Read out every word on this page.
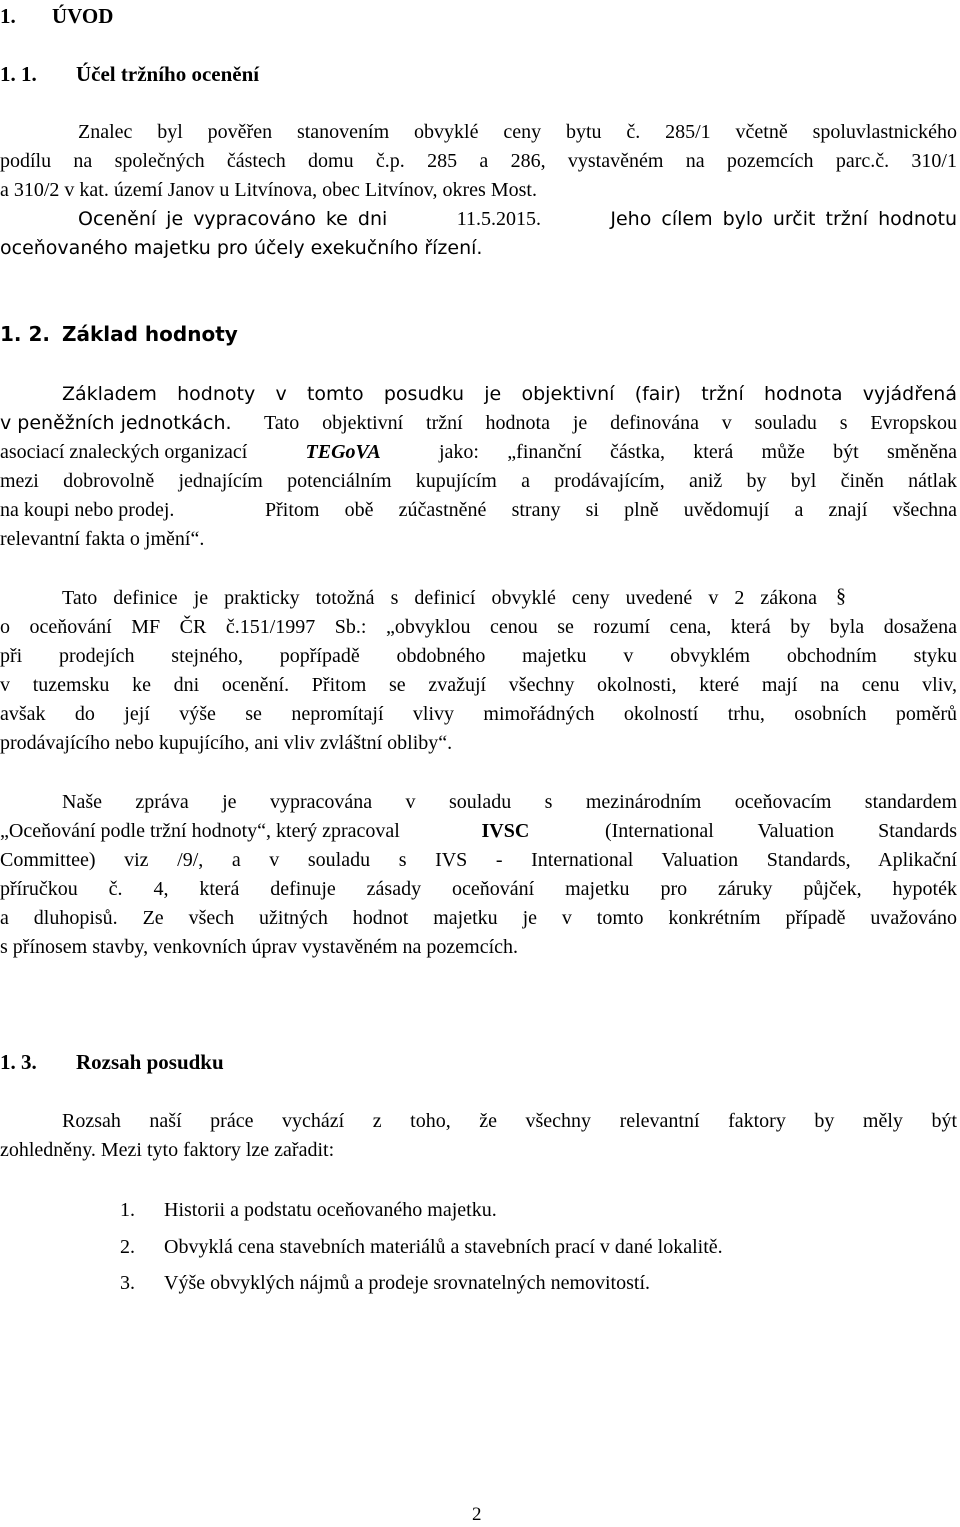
1. ÚVOD
1. 1. Účel tržního ocenění
Znalec byl pověřen stanovením obvyklé ceny bytu č. 285/1 včetně spoluvlastnického
podílu na společných částech domu č.p. 285 a 286, vystavěném na pozemcích parc.č. 310/1
a 310/2 v kat. území Janov u Litvínova, obec Litvínov, okres Most.
Ocenění je vypracováno ke dni	11.5.2015.	Jeho cílem bylo určit tržní hodnotu
oceňovaného majetku pro účely exekučního řízení.
1. 2. Základ hodnoty
Základem hodnoty v tomto posudku je objektivní (fair) tržní hodnota vyjádřená
v peněžních jednotkách. Tato objektivní tržní hodnota je definována v souladu s Evropskou
asociací znaleckých organizací	TEGoVA	jako: „finanční částka, která může být směněna
mezi dobrovolně jednajícím potenciálním kupujícím a prodávajícím, aniž by byl činěn nátlak
na koupi nebo prodej.	Přitom obě zúčastněné strany si plně uvědomují a znají všechna
relevantní fakta o jmění“.
Tato definice je prakticky totožná s definicí obvyklé ceny uvedené v 2 zákona §
o oceňování MF ČR č.151/1997 Sb.: „obvyklou cenou se rozumí cena, která by byla dosažena
při prodejích stejného, popřípadě obdobného majetku v obvyklém obchodním styku
v tuzemsku ke dni ocenění. Přitom se zvažují všechny okolnosti, které mají na cenu vliv,
avšak do její výše se nepromítají vlivy mimořádných okolností trhu, osobních poměrů
prodávajícího nebo kupujícího, ani vliv zvláštní obliby“.
Naše zpráva je vypracována v souladu s mezinárodním oceňovacím standardem
„Oceňování podle tržní hodnoty“, který zpracoval	IVSC	(International Valuation Standards
Committee) viz /9/, a v souladu s IVS - International Valuation Standards, Aplikační
příručkou č. 4, která definuje zásady oceňování majetku pro záruky půjček, hypoték
a dluhopisů. Ze všech užitných hodnot majetku je v tomto konkrétním případě uvažováno
s přínosem stavby, venkovních úprav vystavěném na pozemcích.
1. 3. Rozsah posudku
Rozsah naší práce vychází z toho, že všechny relevantní faktory by měly být
zohledněny. Mezi tyto faktory lze zařadit:
1. Historii a podstatu oceňovaného majetku.
2. Obvyklá cena stavebních materiálů a stavebních prací v dané lokalitě.
3. Výše obvyklých nájmů a prodeje srovnatelných nemovitostí.
2
